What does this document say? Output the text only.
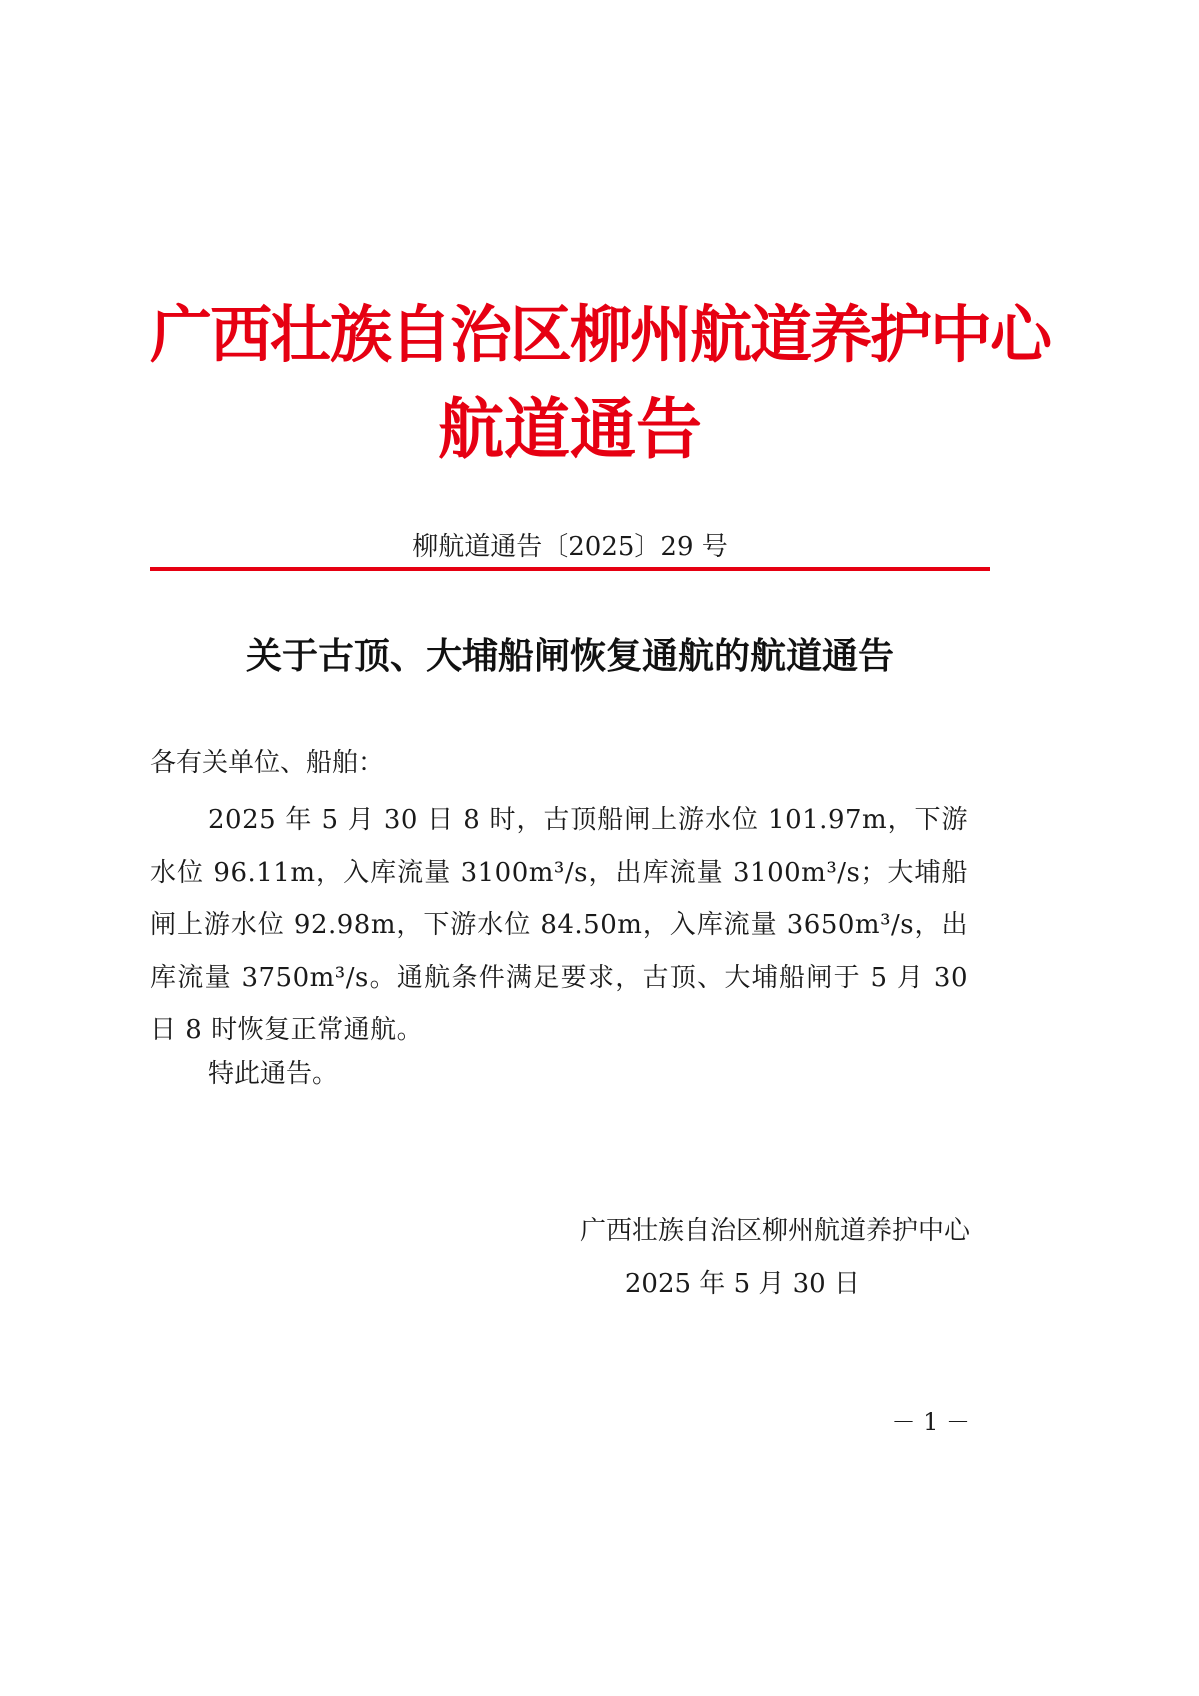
广西壮族自治区柳州航道养护中心
航道通告
柳航道通告〔2025〕29 号
关于古顶、大埔船闸恢复通航的航道通告
各有关单位、船舶：
2025 年 5 月 30 日 8 时，古顶船闸上游水位 101.97m，下游水位 96.11m，入库流量 3100m³/s，出库流量 3100m³/s；大埔船闸上游水位 92.98m，下游水位 84.50m，入库流量 3650m³/s，出库流量 3750m³/s。通航条件满足要求，古顶、大埔船闸于 5 月 30 日 8 时恢复正常通航。
特此通告。
广西壮族自治区柳州航道养护中心
2025 年 5 月 30 日
－ 1 －
